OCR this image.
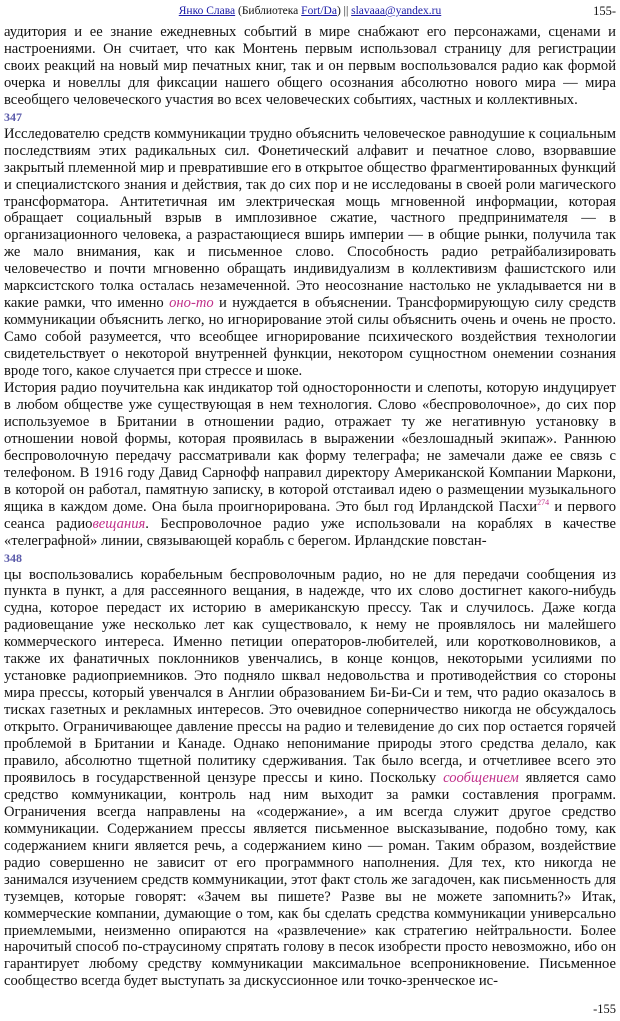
Янко Слава (Библиотека Fort/Da) || slavaaa@yandex.ru	155-

аудитория и ее знание ежедневных событий в мире снабжают его персонажами, сценами и настроениями. Он считает, что как Монтень первым использовал страницу для регистрации своих реакций на новый мир печатных книг, так и он первым воспользовался радио как формой очерка и новеллы для фиксации нашего общего осознания абсолютно нового мира — мира всеобщего человеческого участия во всех человеческих событиях, частных и коллективных.

347

Исследователю средств коммуникации трудно объяснить человеческое равнодушие к социальным последствиям этих радикальных сил. Фонетический алфавит и печатное слово, взорвавшие закрытый племенной мир и превратившие его в открытое общество фрагментированных функций и специалистского знания и действия, так до сих пор и не исследованы в своей роли магического трансформатора. Антитетичная им электрическая мощь мгновенной информации, которая обращает социальный взрыв в имплозивное сжатие, частного предпринимателя — в организационного человека, а разрастающиеся вширь империи — в общие рынки, получила так же мало внимания, как и письменное слово. Способность радио ретрайбализировать человечество и почти мгновенно обращать индивидуализм в коллективизм фашистского или марксистского толка осталась незамеченной. Это неосознание настолько не укладывается ни в какие рамки, что именно оно-то и нуждается в объяснении. Трансформирующую силу средств коммуникации объяснить легко, но игнорирование этой силы объяснить очень и очень не просто. Само собой разумеется, что всеобщее игнорирование психического воздействия технологии свидетельствует о некоторой внутренней функции, некотором сущностном онемении сознания вроде того, какое случается при стрессе и шоке.

История радио поучительна как индикатор той односторонности и слепоты, которую индуцирует в любом обществе уже существующая в нем технология. Слово «беспроволочное», до сих пор используемое в Британии в отношении радио, отражает ту же негативную установку в отношении новой формы, которая проявилась в выражении «безлошадный экипаж». Раннюю беспроволочную передачу рассматривали как форму телеграфа; не замечали даже ее связь с телефоном. В 1916 году Давид Сарнофф направил директору Американской Компании Маркони, в которой он работал, памятную записку, в которой отстаивал идею о размещении музыкального ящика в каждом доме. Она была проигнорирована. Это был год Ирландской Пасхи$^{274}$ и первого сеанса радиовещания. Беспроволочное радио уже использовали на кораблях в качестве «телеграфной» линии, связывающей корабль с берегом. Ирландские повстан-

348

цы воспользовались корабельным беспроволочным радио, но не для передачи сообщения из пункта в пункт, а для рассеянного вещания, в надежде, что их слово достигнет какого-нибудь судна, которое передаст их историю в американскую прессу. Так и случилось. Даже когда радиовещание уже несколько лет как существовало, к нему не проявлялось ни малейшего коммерческого интереса. Именно петиции операторов-любителей, или коротковолновиков, а также их фанатичных поклонников увенчались, в конце концов, некоторыми усилиями по установке радиоприемников. Это подняло шквал недовольства и противодействия со стороны мира прессы, который увенчался в Англии образованием Би-Би-Си и тем, что радио оказалось в тисках газетных и рекламных интересов. Это очевидное соперничество никогда не обсуждалось открыто. Ограничивающее давление прессы на радио и телевидение до сих пор остается горячей проблемой в Британии и Канаде. Однако непонимание природы этого средства делало, как правило, абсолютно тщетной политику сдерживания. Так было всегда, и отчетливее всего это проявилось в государственной цензуре прессы и кино. Поскольку сообщением является само средство коммуникации, контроль над ним выходит за рамки составления программ. Ограничения всегда направлены на «содержание», а им всегда служит другое средство коммуникации. Содержанием прессы является письменное высказывание, подобно тому, как содержанием книги является речь, а содержанием кино — роман. Таким образом, воздействие радио совершенно не зависит от его программного наполнения. Для тех, кто никогда не занимался изучением средств коммуникации, этот факт столь же загадочен, как письменность для туземцев, которые говорят: «Зачем вы пишете? Разве вы не можете запомнить?» Итак, коммерческие компании, думающие о том, как бы сделать средства коммуникации универсально приемлемыми, неизменно опираются на «развлечение» как стратегию нейтральности. Более нарочитый способ по-страусиному спрятать голову в песок изобрести просто невозможно, ибо он гарантирует любому средству коммуникации максимальное всепроникновение. Письменное сообщество всегда будет выступать за дискуссионное или точко-зренческое ис-

-155
